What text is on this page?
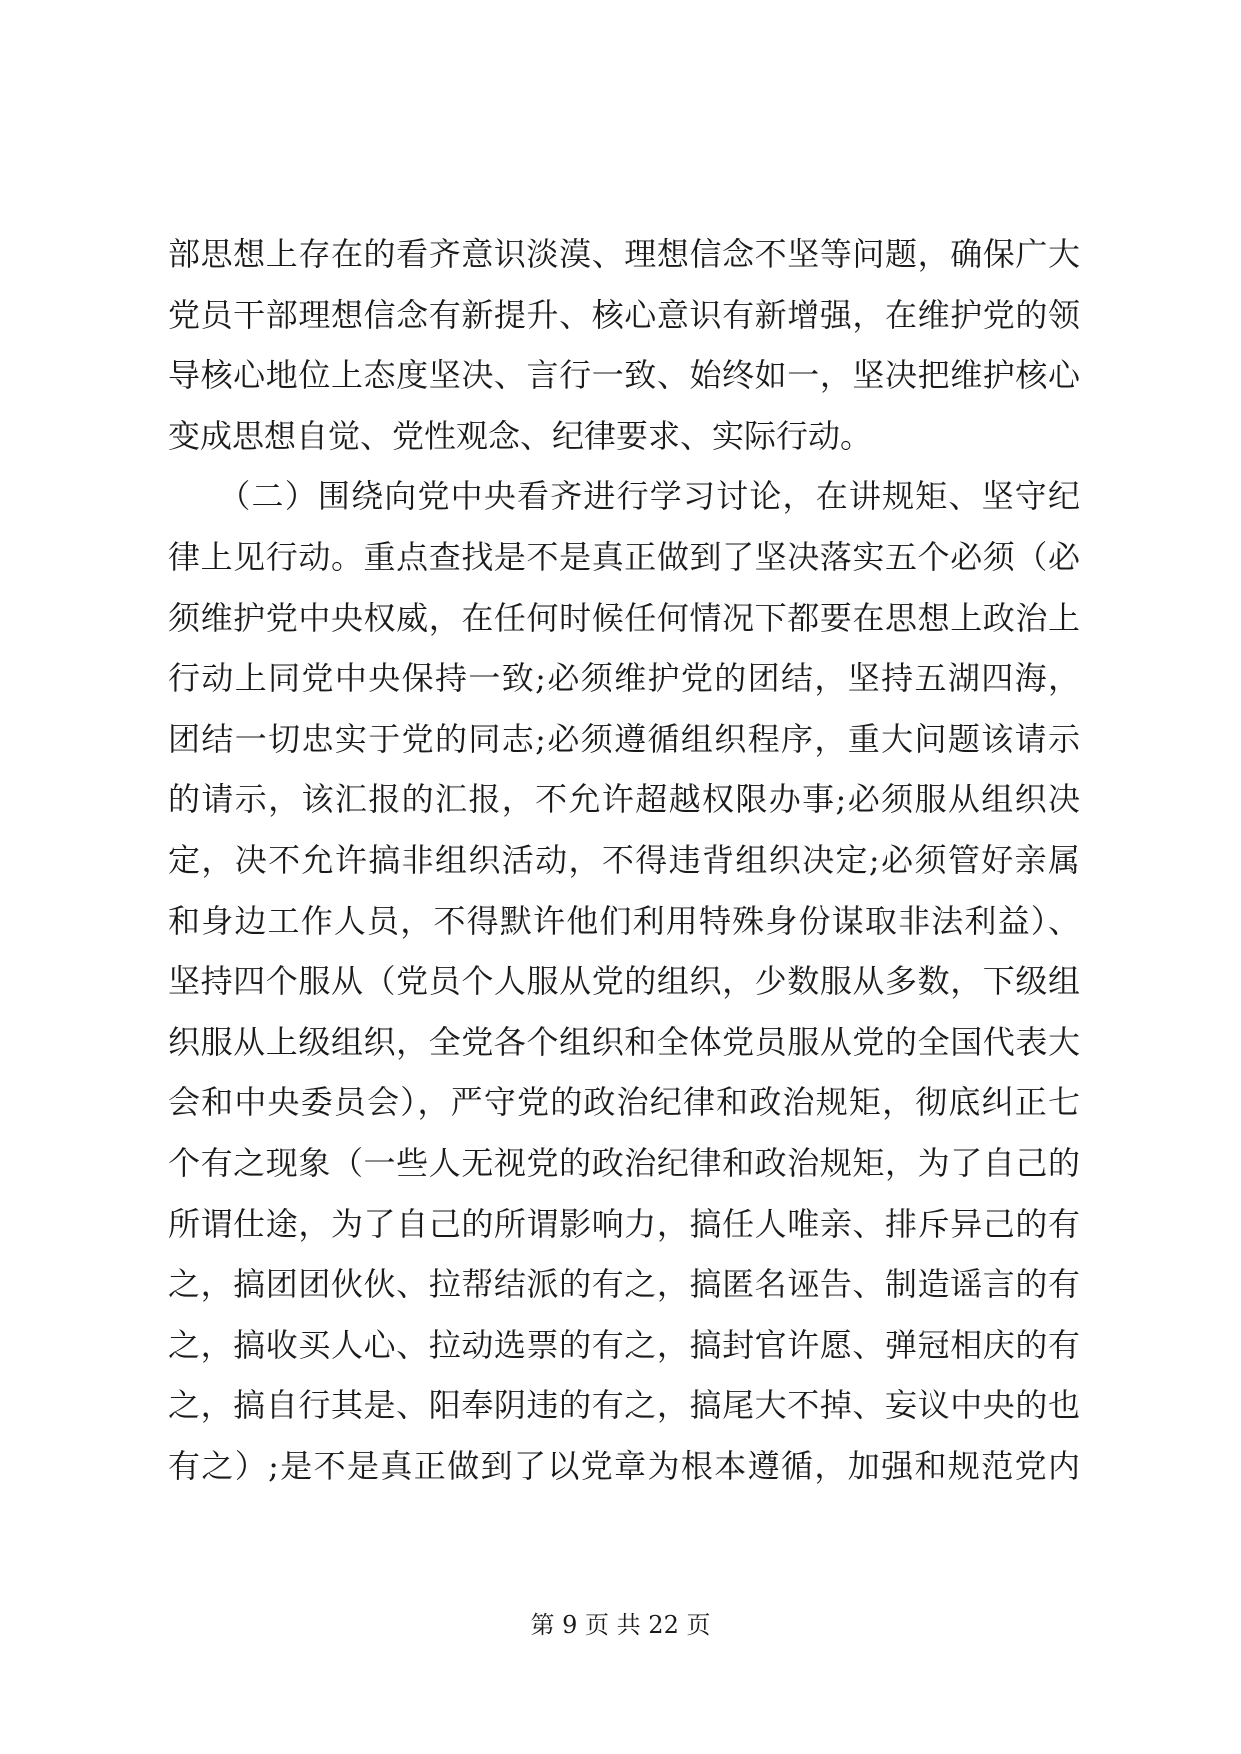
部思想上存在的看齐意识淡漠、理想信念不坚等问题，确保广大
党员干部理想信念有新提升、核心意识有新增强，在维护党的领
导核心地位上态度坚决、言行一致、始终如一，坚决把维护核心
变成思想自觉、党性观念、纪律要求、实际行动。
　　（二）围绕向党中央看齐进行学习讨论，在讲规矩、坚守纪
律上见行动。重点查找是不是真正做到了坚决落实五个必须（必
须维护党中央权威，在任何时候任何情况下都要在思想上政治上
行动上同党中央保持一致;必须维护党的团结，坚持五湖四海，
团结一切忠实于党的同志;必须遵循组织程序，重大问题该请示
的请示，该汇报的汇报，不允许超越权限办事;必须服从组织决
定，决不允许搞非组织活动，不得违背组织决定;必须管好亲属
和身边工作人员，不得默许他们利用特殊身份谋取非法利益）、
坚持四个服从（党员个人服从党的组织，少数服从多数，下级组
织服从上级组织，全党各个组织和全体党员服从党的全国代表大
会和中央委员会），严守党的政治纪律和政治规矩，彻底纠正七
个有之现象（一些人无视党的政治纪律和政治规矩，为了自己的
所谓仕途，为了自己的所谓影响力，搞任人唯亲、排斥异己的有
之，搞团团伙伙、拉帮结派的有之，搞匿名诬告、制造谣言的有
之，搞收买人心、拉动选票的有之，搞封官许愿、弹冠相庆的有
之，搞自行其是、阳奉阴违的有之，搞尾大不掉、妄议中央的也
有之）;是不是真正做到了以党章为根本遵循，加强和规范党内
第 9 页 共 22 页
